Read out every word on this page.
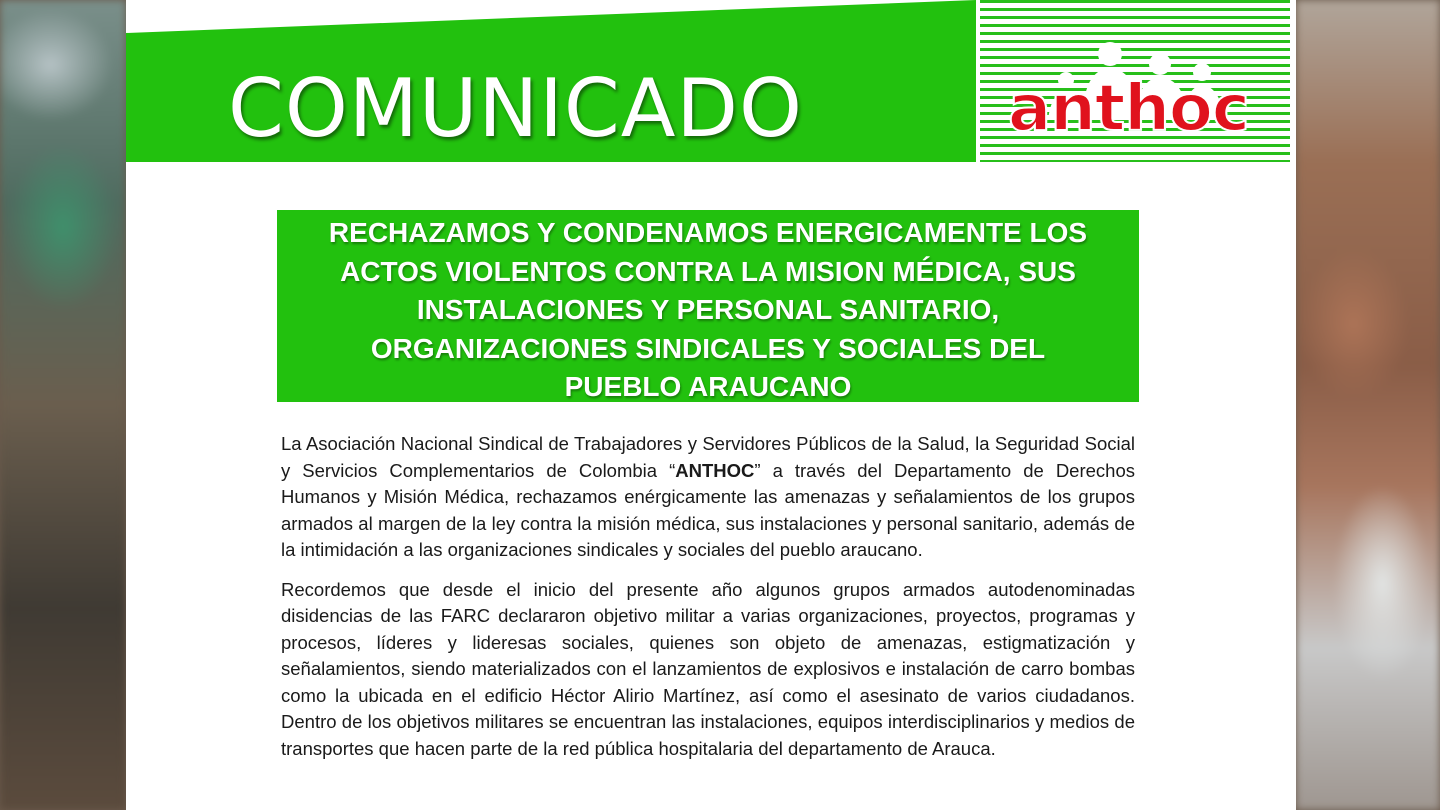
COMUNICADO	anthoc

RECHAZAMOS Y CONDENAMOS ENERGICAMENTE LOS
ACTOS VIOLENTOS CONTRA LA MISION MÉDICA, SUS
INSTALACIONES Y PERSONAL SANITARIO,
ORGANIZACIONES SINDICALES Y SOCIALES DEL
PUEBLO ARAUCANO

La Asociación Nacional Sindical de Trabajadores y Servidores Públicos de la Salud, la Seguridad Social y Servicios Complementarios de Colombia “ANTHOC” a través del Departamento de Derechos Humanos y Misión Médica, rechazamos enérgicamente las amenazas y señalamientos de los grupos armados al margen de la ley contra la misión médica, sus instalaciones y personal sanitario, además de la intimidación a las organizaciones sindicales y sociales del pueblo araucano.

Recordemos que desde el inicio del presente año algunos grupos armados autodenominadas disidencias de las FARC declararon objetivo militar a varias organizaciones, proyectos, programas y procesos, líderes y lideresas sociales, quienes son objeto de amenazas, estigmatización y señalamientos, siendo materializados con el lanzamientos de explosivos e instalación de carro bombas como la ubicada en el edificio Héctor Alirio Martínez, así como el asesinato de varios ciudadanos. Dentro de los objetivos militares se encuentran las instalaciones, equipos interdisciplinarios y medios de transportes que hacen parte de la red pública hospitalaria del departamento de Arauca.
